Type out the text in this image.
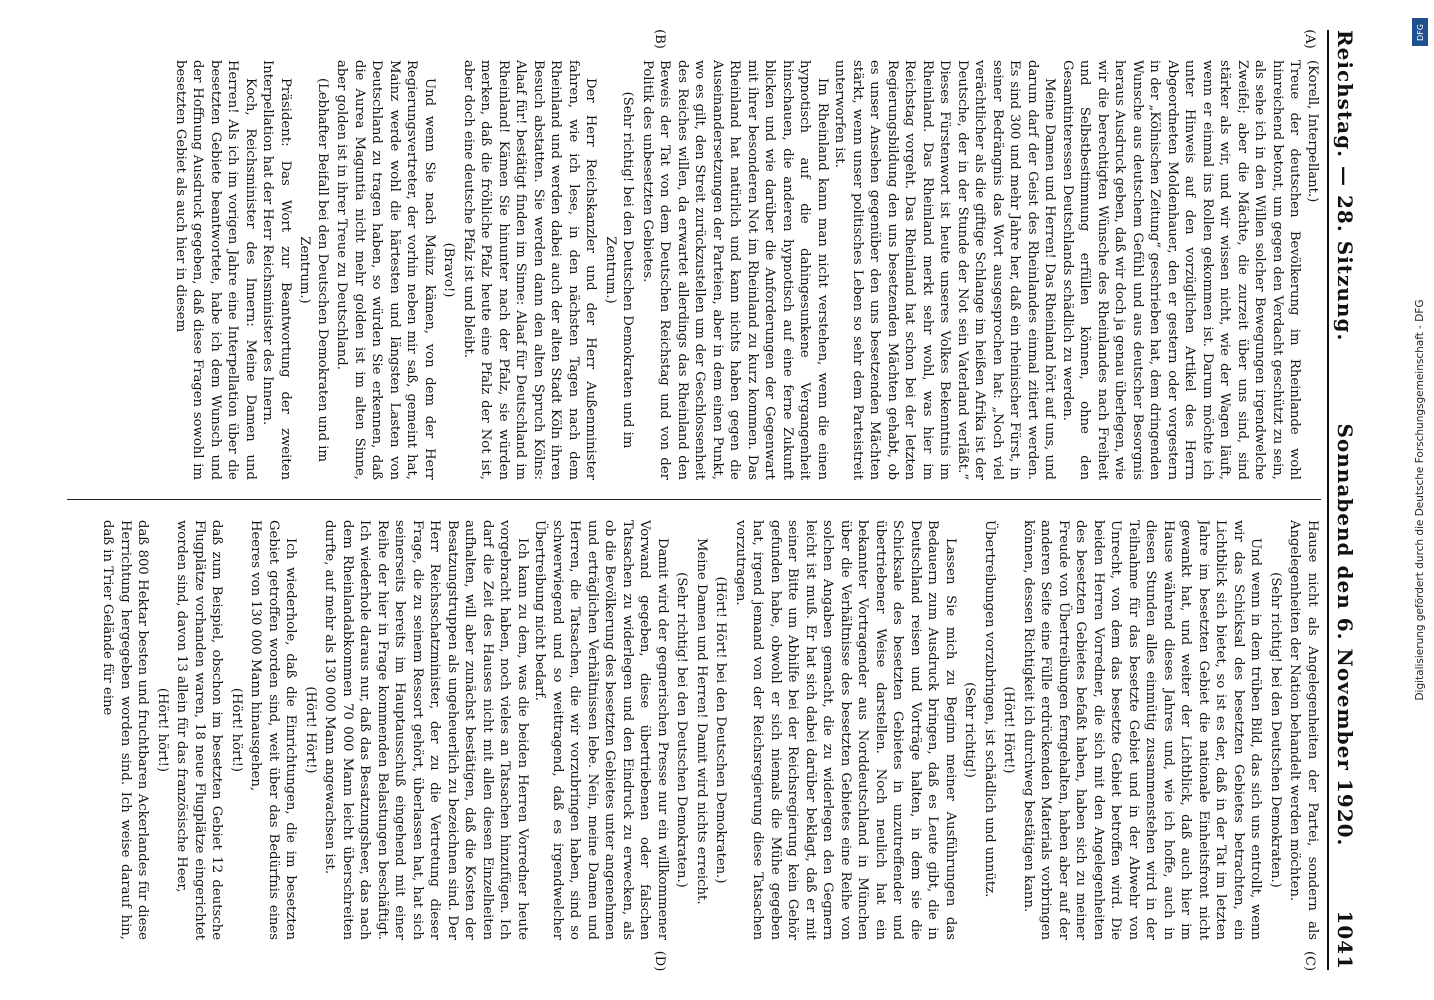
Reichstag. — 28. Sitzung.
Sonnabend den 6. November 1920.
1041
(A)
(B)
(C)
(D)

(Korell, Interpellant.)

Treue der deutschen Bevölkerung im Rheinlande wohl hinreichend betont, um gegen den Verdacht geschützt zu sein, als sehe ich in den Willen solcher Bewegungen irgendwelche Zweifel; aber die Mächte, die zurzeit über uns sind, sind stärker als wir, und wir wissen nicht, wie der Wagen läuft, wenn er einmal ins Rollen gekommen ist. Darum möchte ich unter Hinweis auf den vorzüglichen Artikel des Herrn Abgeordneten Moldenhauer, den er gestern oder vorgestern in der „Kölnischen Zeitung“ geschrieben hat, dem dringenden Wunsche aus deutschem Gefühl und aus deutscher Besorgnis heraus Ausdruck geben, daß wir doch ja genau überlegen, wie wir die berechtigten Wünsche des Rheinlandes nach Freiheit und Selbstbestimmung erfüllen können, ohne den Gesamtinteressen Deutschlands schädlich zu werden.

Meine Damen und Herren! Das Rheinland hört auf uns, und darum darf der Geist des Rheinlandes einmal zitiert werden. Es sind 300 und mehr Jahre her, daß ein rheinischer Fürst, in seiner Bedrängnis das Wort ausgesprochen hat: „Noch viel verächtlicher als die giftige Schlange im heißen Afrika ist der Deutsche, der in der Stunde der Not sein Vaterland verläßt.“ Dieses Fürstenwort ist heute unseres Volkes Bekenntnis im Rheinland. Das Rheinland merkt sehr wohl, was hier im Reichstag vorgeht. Das Rheinland hat schon bei der letzten Regierungsbildung den uns besetzenden Mächten gehabt, ob es unser Ansehen gegenüber den uns besetzenden Mächten stärkt, wenn unser politisches Leben so sehr dem Parteistreit unterworfen ist.

Im Rheinland kann man nicht verstehen, wenn die einen hypnotisch auf die dahingesunkene Vergangenheit hinschauen, die anderen hypnotisch auf eine ferne Zukunft blicken und wie darüber die Anforderungen der Gegenwart mit ihrer besonderen Not im Rheinland zu kurz kommen. Das Rheinland hat natürlich und kann nichts haben gegen die Auseinandersetzungen der Parteien, aber in dem einen Punkt, wo es gilt, den Streit zurückzustellen um der Geschlossenheit des Reiches willen, da erwartet allerdings das Rheinland den Beweis der Tat von dem Deutschen Reichstag und von der Politik des unbesetzten Gebietes.

(Sehr richtig! bei den Deutschen Demokraten und im Zentrum.)

Der Herr Reichskanzler und der Herr Außenminister fahren, wie ich lese, in den nächsten Tagen nach dem Rheinland und werden dabei auch der alten Stadt Köln ihren Besuch abstatten. Sie werden dann den alten Spruch Kölns: Alaaf für! bestätigt finden im Sinne: Alaaf für Deutschland im Rheinland! Kämen Sie hinunter nach der Pfalz, sie würden merken, daß die fröhliche Pfalz heute eine Pfalz der Not ist, aber doch eine deutsche Pfalz ist und bleibt.

(Bravo!)

Und wenn Sie nach Mainz kämen, von dem der Herr Regierungsvertreter, der vorhin neben mir saß, gemeint hat, Mainz werde wohl die härtesten und längsten Lasten von Deutschland zu tragen haben, so würden Sie erkennen, daß die Aurea Maguntia nicht mehr golden ist im alten Sinne, aber golden ist in ihrer Treue zu Deutschland.

(Lebhafter Beifall bei den Deutschen Demokraten und im Zentrum.)

Präsident: Das Wort zur Beantwortung der zweiten Interpellation hat der Herr Reichsminister des Innern.

Koch, Reichsminister des Innern: Meine Damen und Herren! Als ich im vorigen Jahre eine Interpellation über die besetzten Gebiete beantwortete, habe ich dem Wunsch und der Hoffnung Ausdruck gegeben, daß diese Fragen sowohl im besetzten Gebiet als auch hier in diesem

Hause nicht als Angelegenheiten der Partei, sondern als Angelegenheiten der Nation behandelt werden möchten.

(Sehr richtig! bei den Deutschen Demokraten.)

Und wenn in dem trüben Bild, das sich uns entrollt, wenn wir das Schicksal des besetzten Gebietes betrachten, ein Lichtblick sich bietet, so ist es der, daß in der Tat im letzten Jahre im besetzten Gebiet die nationale Einheitsfront nicht gewankt hat, und weiter der Lichtblick, daß auch hier im Hause während dieses Jahres und, wie ich hoffe, auch in diesen Stunden alles einmütig zusammenstehen wird in der Teilnahme für das besetzte Gebiet und in der Abwehr von Unrecht, von dem das besetzte Gebiet betroffen wird. Die beiden Herren Vorredner, die sich mit den Angelegenheiten des besetzten Gebietes befaßt haben, haben sich zu meiner Freude von Übertreibungen ferngehalten, haben aber auf der anderen Seite eine Fülle erdrückenden Materials vorbringen können, dessen Richtigkeit ich durchweg bestätigen kann.

(Hört! Hört!)

Übertreibungen vorzubringen, ist schädlich und unnütz.

(Sehr richtig!)

Lassen Sie mich zu Beginn meiner Ausführungen das Bedauern zum Ausdruck bringen, daß es Leute gibt, die in Deutschland reisen und Vorträge halten, in dem sie die Schicksale des besetzten Gebietes in unzutreffender und übertriebener Weise darstellen. Noch neulich hat ein bekannter Vortragender aus Norddeutschland in München über die Verhältnisse des besetzten Gebietes eine Reihe von solchen Angaben gemacht, die zu widerlegen den Gegnern leicht ist muß. Er hat sich dabei darüber beklagt, daß er mit seiner Bitte um Abhilfe bei der Reichsregierung kein Gehör gefunden habe, obwohl er sich niemals die Mühe gegeben hat, irgend jemand von der Reichsregierung diese Tatsachen vorzutragen.

(Hört! Hört! bei den Deutschen Demokraten.)

Meine Damen und Herren! Damit wird nichts erreicht.

(Sehr richtig! bei den Deutschen Demokraten.)

Damit wird der gegnerischen Presse nur ein willkommener Vorwand gegeben, diese übertriebenen oder falschen Tatsachen zu widerlegen und den Eindruck zu erwecken, als ob die Bevölkerung des besetzten Gebietes unter angenehmen und erträglichen Verhältnissen lebe. Nein, meine Damen und Herren, die Tatsachen, die wir vorzubringen haben, sind so schwerwiegend und so weittragend, daß es irgendwelcher Übertreibung nicht bedarf.

Ich kann zu dem, was die beiden Herren Vorredner heute vorgebracht haben, noch vieles an Tatsachen hinzufügen. Ich darf die Zeit des Hauses nicht mit allen diesen Einzelheiten aufhalten, will aber zunächst bestätigen, daß die Kosten der Besatzungstruppen als ungeheuerlich zu bezeichnen sind. Der Herr Reichsschatzminister, der zu die Vertretung dieser Frage, die zu seinem Ressort gehört, überlassen hat, hat sich seinerseits bereits im Hauptausschuß eingehend mit einer Reihe der hier in Frage kommenden Belastungen beschäftigt. Ich wiederhole daraus nur, daß das Besatzungsheer, das nach dem Rheinlandabkommen 70 000 Mann leicht überschreiten durfte, auf mehr als 130 000 Mann angewachsen ist.

(Hört! Hört!)

Ich wiederhole, daß die Einrichtungen, die im besetzten Gebiet getroffen worden sind, weit über das Bedürfnis eines Heeres von 130 000 Mann hinausgehen,

(Hört! hört!)

daß zum Beispiel, obschon im besetzten Gebiet 12 deutsche Flugplätze vorhanden waren, 18 neue Flugplätze eingerichtet worden sind, davon 13 allein für das französische Heer,

(Hört! hört!)

daß 800 Hektar besten und fruchtbaren Ackerlandes für diese Herrichtung hergegeben worden sind. Ich weise darauf hin, daß in Trier Gelände für eine

DFG
Digitalisierung gefördert durch die Deutsche Forschungsgemeinschaft - DFG
